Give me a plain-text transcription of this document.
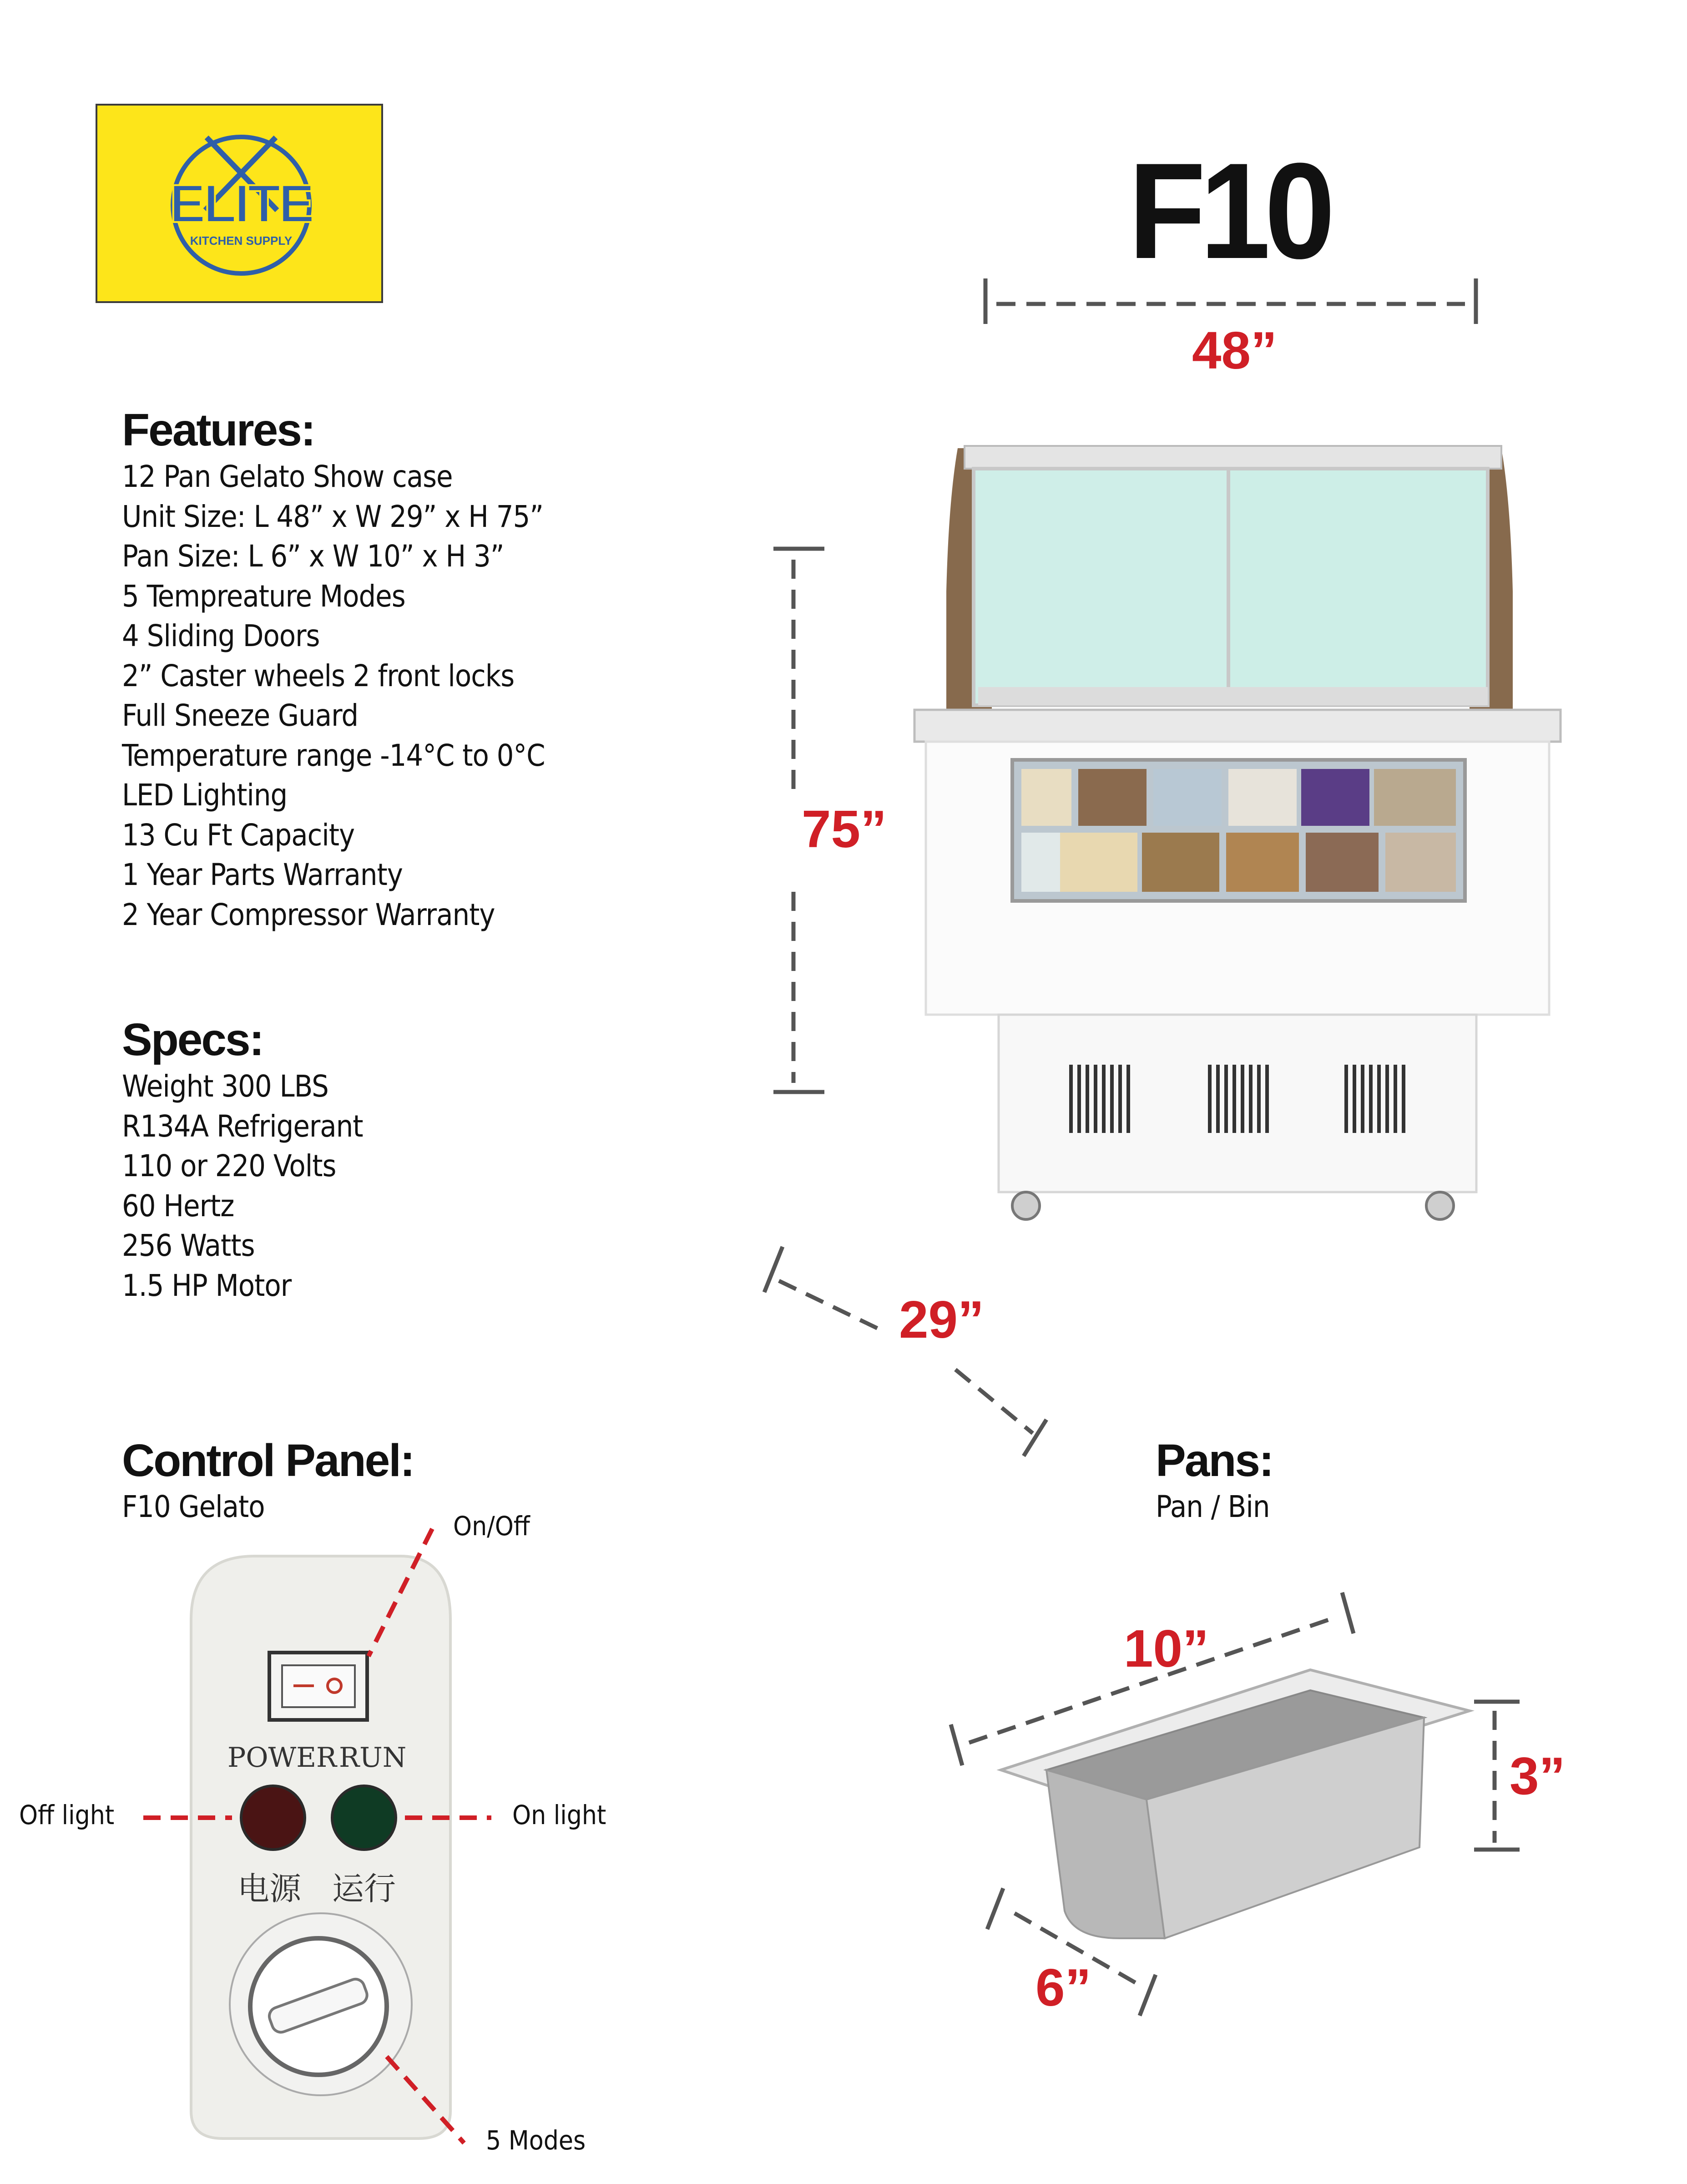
ELITE
KITCHEN SUPPLY	F10
Features:
12 Pan Gelato Show case
Unit Size: L 48” x W 29” x H 75”
Pan Size: L 6” x W 10” x H 3”
5 Tempreature Modes
4 Sliding Doors
2” Caster wheels 2 front locks
Full Sneeze Guard
Temperature range -14°C to 0°C
LED Lighting
13 Cu Ft Capacity
1 Year Parts Warranty
2 Year Compressor Warranty
Specs:
Weight 300 LBS
R134A Refrigerant
110 or 220 Volts
60 Hertz
256 Watts
1.5 HP Motor
48”
75”
29”
Control Panel:
F10 Gelato
On/Off
Off light	On light
5 Modes
POWER RUN
电源 运行
Pans:
Pan / Bin
10”
3”
6”
